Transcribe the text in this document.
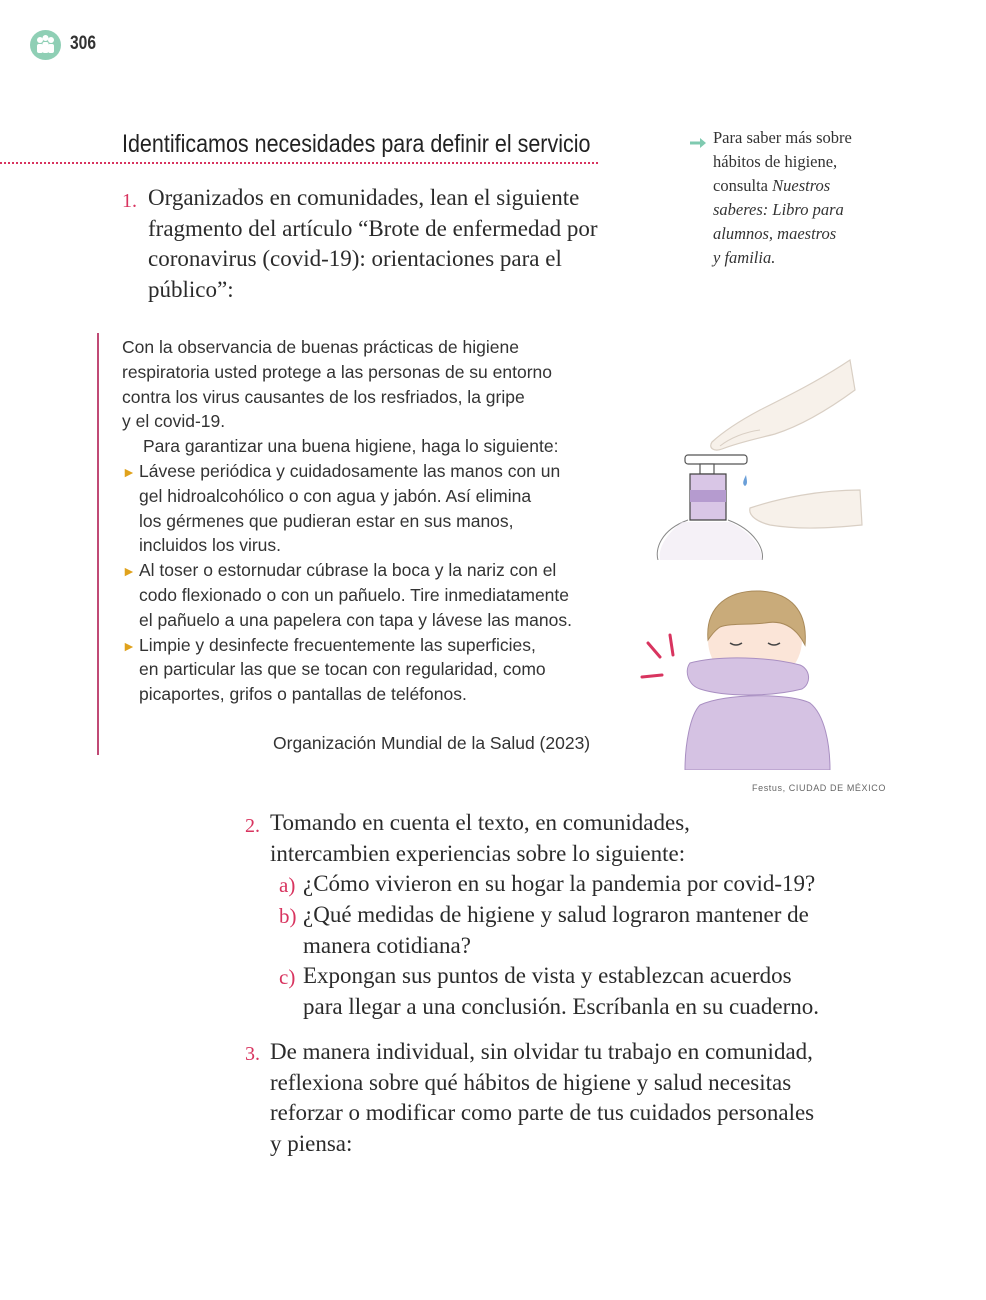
306
Identificamos necesidades para definir el servicio	Para saber más sobre
hábitos de higiene,
consulta Nuestros
saberes: Libro para
alumnos, maestros
y familia.
1. Organizados en comunidades, lean el siguiente
fragmento del artículo “Brote de enfermedad por
coronavirus (covid-19): orientaciones para el
público”:
Con la observancia de buenas prácticas de higiene
respiratoria usted protege a las personas de su entorno
contra los virus causantes de los resfriados, la gripe
y el covid-19.
Para garantizar una buena higiene, haga lo siguiente:
► Lávese periódica y cuidadosamente las manos con un
gel hidroalcohólico o con agua y jabón. Así elimina
los gérmenes que pudieran estar en sus manos,
incluidos los virus.
► Al toser o estornudar cúbrase la boca y la nariz con el
codo flexionado o con un pañuelo. Tire inmediatamente
el pañuelo a una papelera con tapa y lávese las manos.
► Limpie y desinfecte frecuentemente las superficies,
en particular las que se tocan con regularidad, como
picaportes, grifos o pantallas de teléfonos.
Organización Mundial de la Salud (2023)
Festus, CIUDAD DE MÉXICO
2. Tomando en cuenta el texto, en comunidades,
intercambien experiencias sobre lo siguiente:
a) ¿Cómo vivieron en su hogar la pandemia por covid-19?
b) ¿Qué medidas de higiene y salud lograron mantener de
manera cotidiana?
c) Expongan sus puntos de vista y establezcan acuerdos
para llegar a una conclusión. Escríbanla en su cuaderno.
3. De manera individual, sin olvidar tu trabajo en comunidad,
reflexiona sobre qué hábitos de higiene y salud necesitas
reforzar o modificar como parte de tus cuidados personales
y piensa:
